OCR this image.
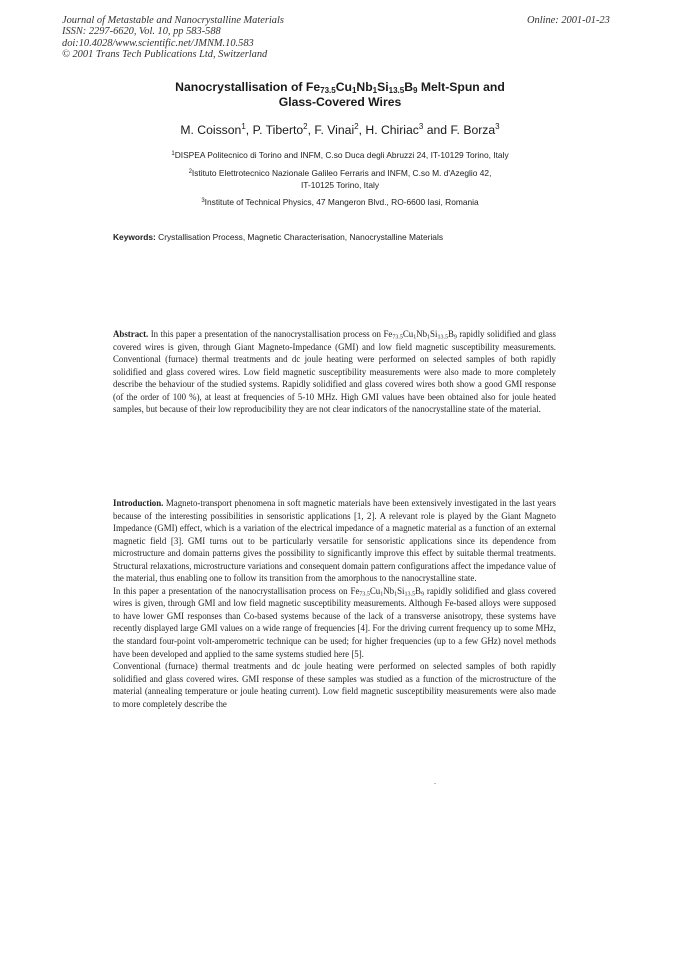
Journal of Metastable and Nanocrystalline Materials
ISSN: 2297-6620, Vol. 10, pp 583-588
doi:10.4028/www.scientific.net/JMNM.10.583
© 2001 Trans Tech Publications Ltd, Switzerland
Online: 2001-01-23
Nanocrystallisation of $Fe_{73.5}Cu_1Nb_1Si_{13.5}B_9$ Melt-Spun and
Glass-Covered Wires
M. Coisson$^1$, P. Tiberto$^2$, F. Vinai$^2$, H. Chiriac$^3$ and F. Borza$^3$
$^1$DISPEA Politecnico di Torino and INFM, C.so Duca degli Abruzzi 24, IT-10129 Torino, Italy
$^2$Istituto Elettrotecnico Nazionale Galileo Ferraris and INFM, C.so M. d'Azeglio 42,
IT-10125 Torino, Italy
$^3$Institute of Technical Physics, 47 Mangeron Blvd., RO-6600 Iasi, Romania
Keywords: Crystallisation Process, Magnetic Characterisation, Nanocrystalline Materials

Abstract. In this paper a presentation of the nanocrystallisation process on $Fe_{73.5}Cu_1Nb_1Si_{13.5}B_9$ rapidly solidified and glass covered wires is given, through Giant Magneto-Impedance (GMI) and low field magnetic susceptibility measurements. Conventional (furnace) thermal treatments and dc joule heating were performed on selected samples of both rapidly solidified and glass covered wires. Low field magnetic susceptibility measurements were also made to more completely describe the behaviour of the studied systems. Rapidly solidified and glass covered wires both show a good GMI response (of the order of 100 %), at least at frequencies of 5-10 MHz. High GMI values have been obtained also for joule heated samples, but because of their low reproducibility they are not clear indicators of the nanocrystalline state of the material.

Introduction. Magneto-transport phenomena in soft magnetic materials have been extensively investigated in the last years because of the interesting possibilities in sensoristic applications [1, 2]. A relevant role is played by the Giant Magneto Impedance (GMI) effect, which is a variation of the electrical impedance of a magnetic material as a function of an external magnetic field [3]. GMI turns out to be particularly versatile for sensoristic applications since its dependence from microstructure and domain patterns gives the possibility to significantly improve this effect by suitable thermal treatments. Structural relaxations, microstructure variations and consequent domain pattern configurations affect the impedance value of the material, thus enabling one to follow its transition from the amorphous to the nanocrystalline state.

In this paper a presentation of the nanocrystallisation process on $Fe_{73.5}Cu_1Nb_1Si_{13.5}B_9$ rapidly solidified and glass covered wires is given, through GMI and low field magnetic susceptibility measurements. Although Fe-based alloys were supposed to have lower GMI responses than Co-based systems because of the lack of a transverse anisotropy, these systems have recently displayed large GMI values on a wide range of frequencies [4]. For the driving current frequency up to some MHz, the standard four-point volt-amperometric technique can be used; for higher frequencies (up to a few GHz) novel methods have been developed and applied to the same systems studied here [5].

Conventional (furnace) thermal treatments and dc joule heating were performed on selected samples of both rapidly solidified and glass covered wires. GMI response of these samples was studied as a function of the microstructure of the material (annealing temperature or joule heating current). Low field magnetic susceptibility measurements were also made to more completely describe the
